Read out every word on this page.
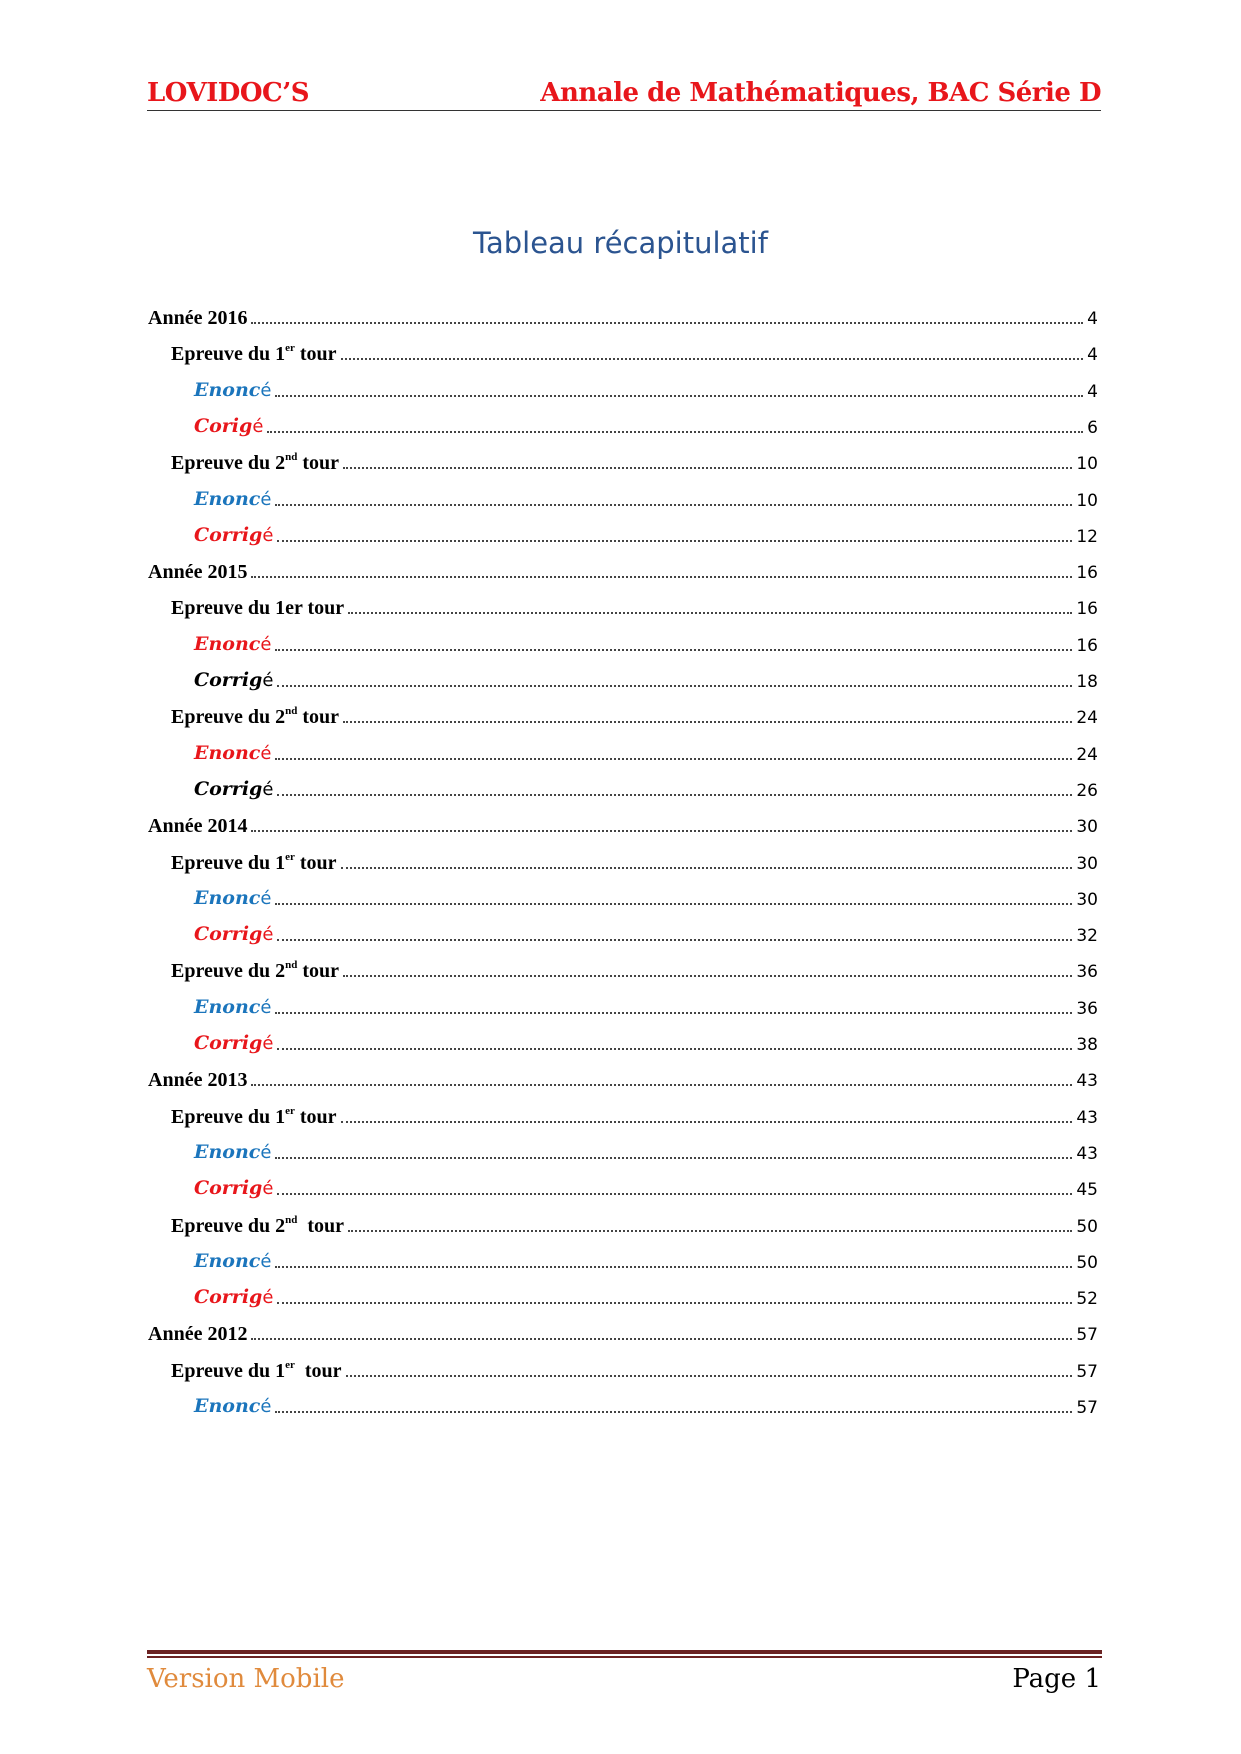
LOVIDOC’S	Annale de Mathématiques, BAC Série D
Tableau récapitulatif
Année 2016	4
Epreuve du 1er tour	4
Enoncé	4
Corigé	6
Epreuve du 2nd tour	10
Enoncé	10
Corrigé	12
Année 2015	16
Epreuve du 1er tour	16
Enoncé	16
Corrigé	18
Epreuve du 2nd tour	24
Enoncé	24
Corrigé	26
Année 2014	30
Epreuve du 1er tour	30
Enoncé	30
Corrigé	32
Epreuve du 2nd tour	36
Enoncé	36
Corrigé	38
Année 2013	43
Epreuve du 1er tour	43
Enoncé	43
Corrigé	45
Epreuve du 2nd  tour	50
Enoncé	50
Corrigé	52
Année 2012	57
Epreuve du 1er  tour	57
Enoncé	57
Version Mobile	Page 1
